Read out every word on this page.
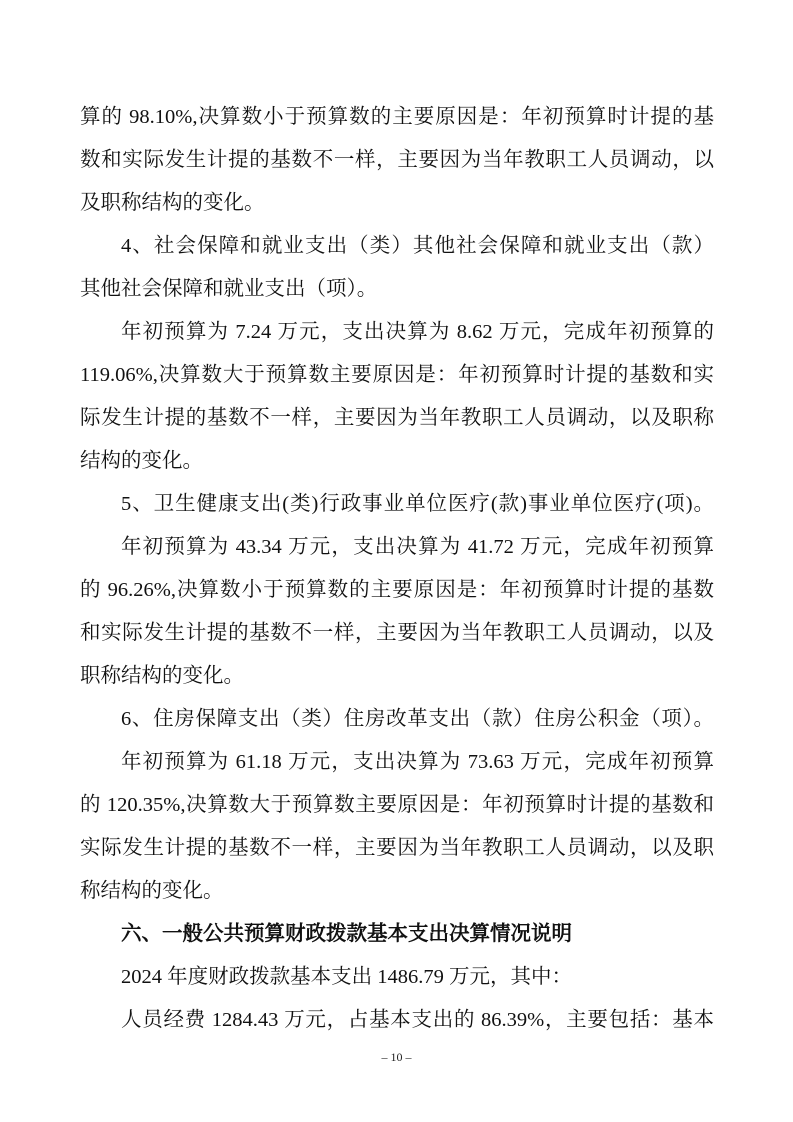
算的 98.10%,决算数小于预算数的主要原因是：年初预算时计提的基
数和实际发生计提的基数不一样，主要因为当年教职工人员调动，以
及职称结构的变化。
4、社会保障和就业支出（类）其他社会保障和就业支出（款）
其他社会保障和就业支出（项）。
年初预算为 7.24 万元，支出决算为 8.62 万元，完成年初预算的
119.06%,决算数大于预算数主要原因是：年初预算时计提的基数和实
际发生计提的基数不一样，主要因为当年教职工人员调动，以及职称
结构的变化。
5、卫生健康支出(类)行政事业单位医疗(款)事业单位医疗(项)。
年初预算为 43.34 万元，支出决算为 41.72 万元，完成年初预算
的 96.26%,决算数小于预算数的主要原因是：年初预算时计提的基数
和实际发生计提的基数不一样，主要因为当年教职工人员调动，以及
职称结构的变化。
6、住房保障支出（类）住房改革支出（款）住房公积金（项）。
年初预算为 61.18 万元，支出决算为 73.63 万元，完成年初预算
的 120.35%,决算数大于预算数主要原因是：年初预算时计提的基数和
实际发生计提的基数不一样，主要因为当年教职工人员调动，以及职
称结构的变化。
六、一般公共预算财政拨款基本支出决算情况说明
2024 年度财政拨款基本支出 1486.79 万元，其中：
人员经费 1284.43 万元，占基本支出的 86.39%，主要包括：基本
– 10 –
